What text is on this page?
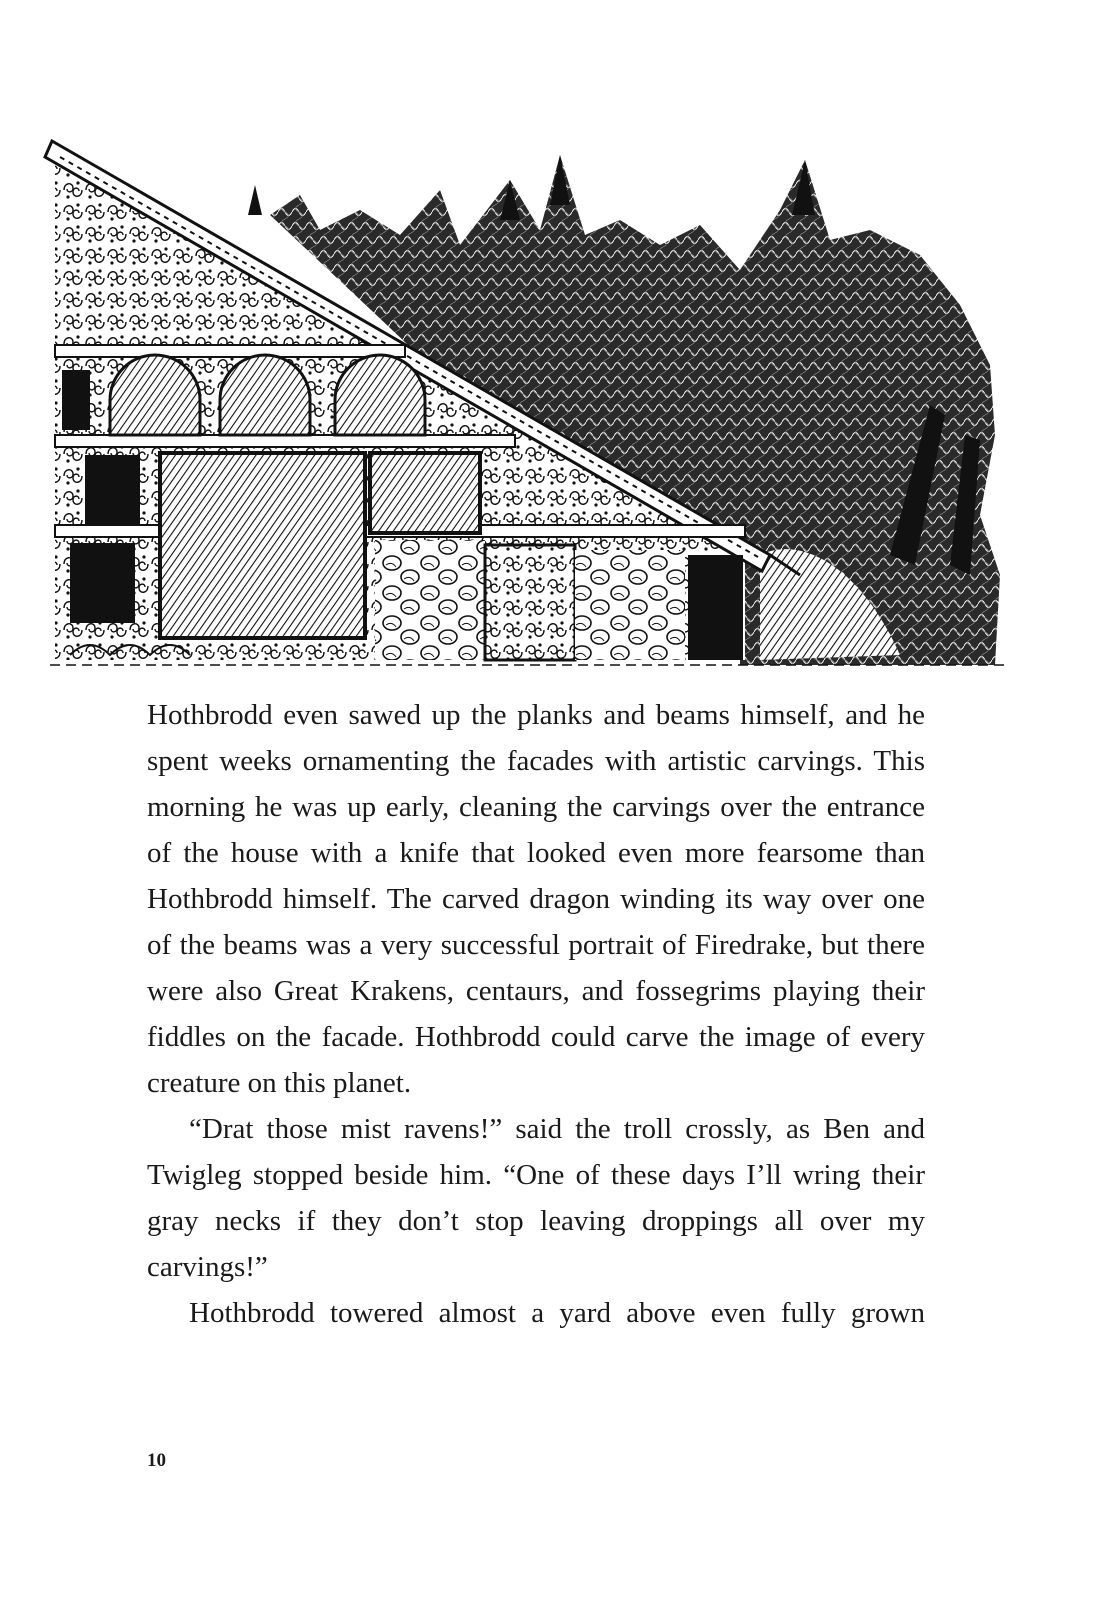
Hothbrodd even sawed up the planks and beams himself, and he spent weeks ornamenting the facades with artistic carvings. This morning he was up early, cleaning the carvings over the entrance of the house with a knife that looked even more fearsome than Hothbrodd himself. The carved dragon winding its way over one of the beams was a very successful portrait of Firedrake, but there were also Great Krakens, centaurs, and fossegrims playing their fiddles on the facade. Hothbrodd could carve the image of every creature on this planet.

“Drat those mist ravens!” said the troll crossly, as Ben and Twigleg stopped beside him. “One of these days I’ll wring their gray necks if they don’t stop leaving droppings all over my carvings!”

Hothbrodd towered almost a yard above even fully grown

10
